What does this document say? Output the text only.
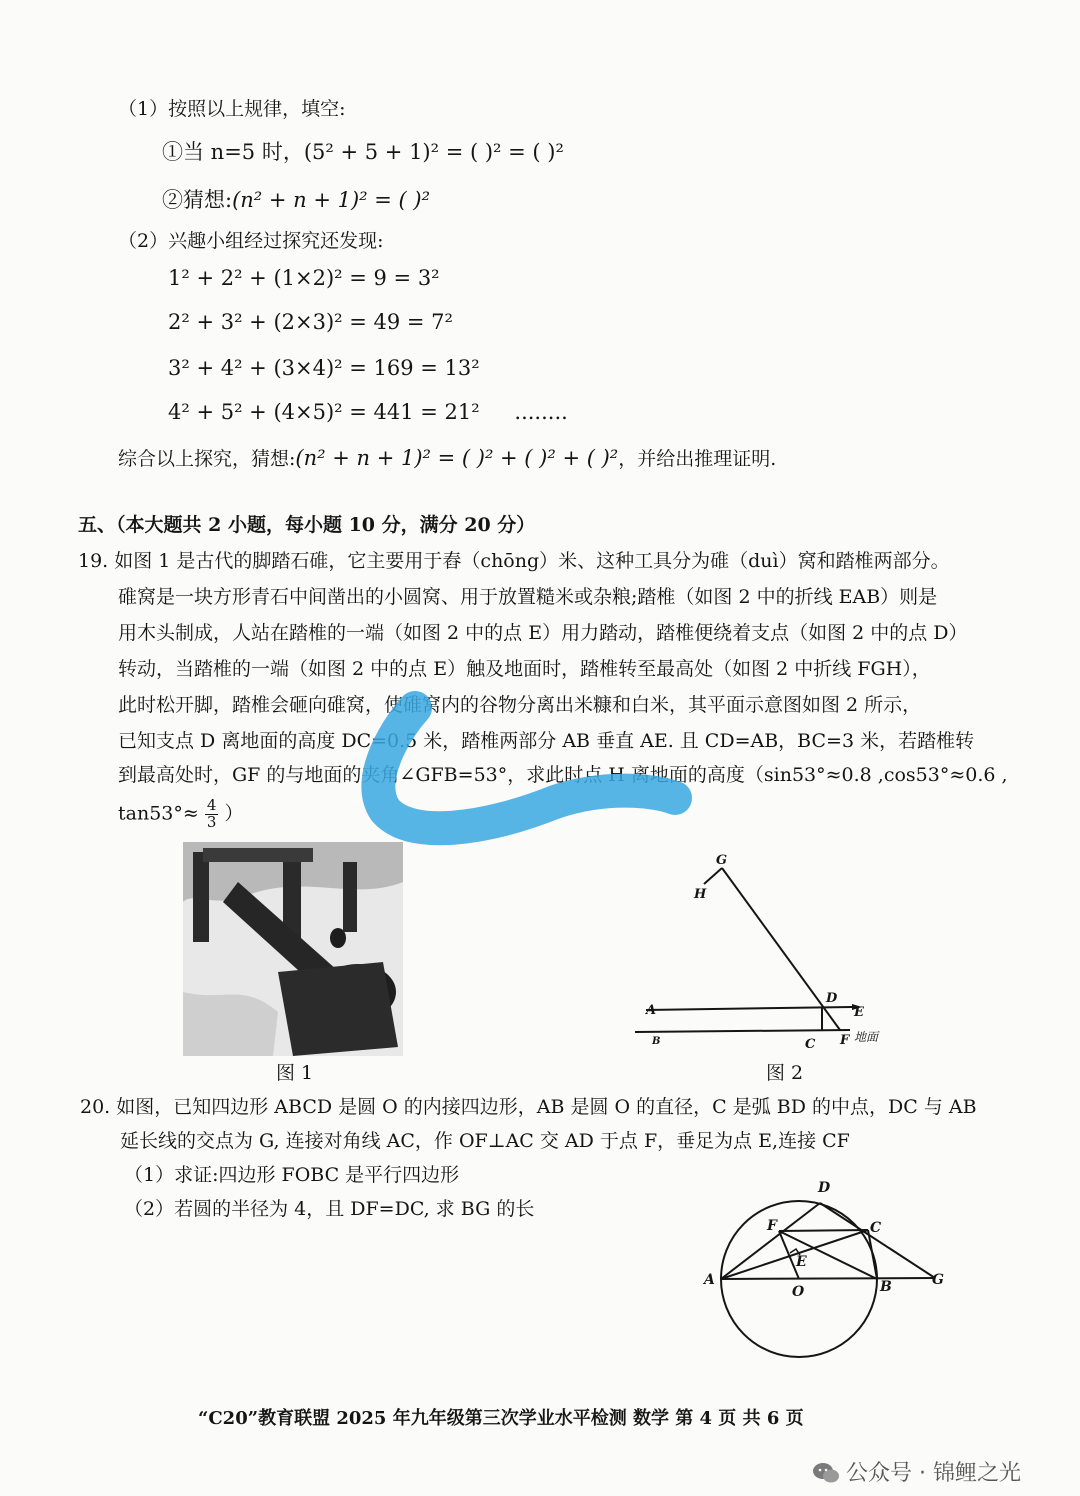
（1）按照以上规律，填空:
①当 n=5 时，(5² + 5 + 1)² = ( )² = ( )²
②猜想:(n² + n + 1)² = ( )²
（2）兴趣小组经过探究还发现:
1² + 2² + (1×2)² = 9 = 3²
2² + 3² + (2×3)² = 49 = 7²
3² + 4² + (3×4)² = 169 = 13²
4² + 5² + (4×5)² = 441 = 21² ........
综合以上探究，猜想:(n² + n + 1)² = ( )² + ( )² + ( )²，并给出推理证明.
五、（本大题共 2 小题，每小题 10 分，满分 20 分）
19. 如图 1 是古代的脚踏石碓，它主要用于舂（chōng）米、这种工具分为碓（duì）窝和踏椎两部分。
碓窝是一块方形青石中间凿出的小圆窝、用于放置糙米或杂粮;踏椎（如图 2 中的折线 EAB）则是
用木头制成，人站在踏椎的一端（如图 2 中的点 E）用力踏动，踏椎便绕着支点（如图 2 中的点 D）
转动，当踏椎的一端（如图 2 中的点 E）触及地面时，踏椎转至最高处（如图 2 中折线 FGH），
此时松开脚，踏椎会砸向碓窝，使碓窝内的谷物分离出米糠和白米，其平面示意图如图 2 所示，
已知支点 D 离地面的高度 DC=0.5 米，踏椎两部分 AB 垂直 AE. 且 CD=AB，BC=3 米，若踏椎转
到最高处时，GF 的与地面的夹角∠GFB=53°，求此时点 H 离地面的高度（sin53°≈0.8 ,cos53°≈0.6 ,
$\tan 53^\circ\approx \frac{4}{3}$ ）
图 1
G
H
A
D
E
B	C F 地面
图 2
20. 如图，已知四边形 ABCD 是圆 O 的内接四边形，AB 是圆 O 的直径，C 是弧 BD 的中点，DC 与 AB
延长线的交点为 G, 连接对角线 AC，作 OF⊥AC 交 AD 于点 F，垂足为点 E,连接 CF
（1）求证:四边形 FOBC 是平行四边形
（2）若圆的半径为 4，且 DF=DC, 求 BG 的长
D
F	C
E
A
O	B	G
“C20”教育联盟 2025 年九年级第三次学业水平检测 数学 第 4 页 共 6 页
公众号 · 锦鲤之光
